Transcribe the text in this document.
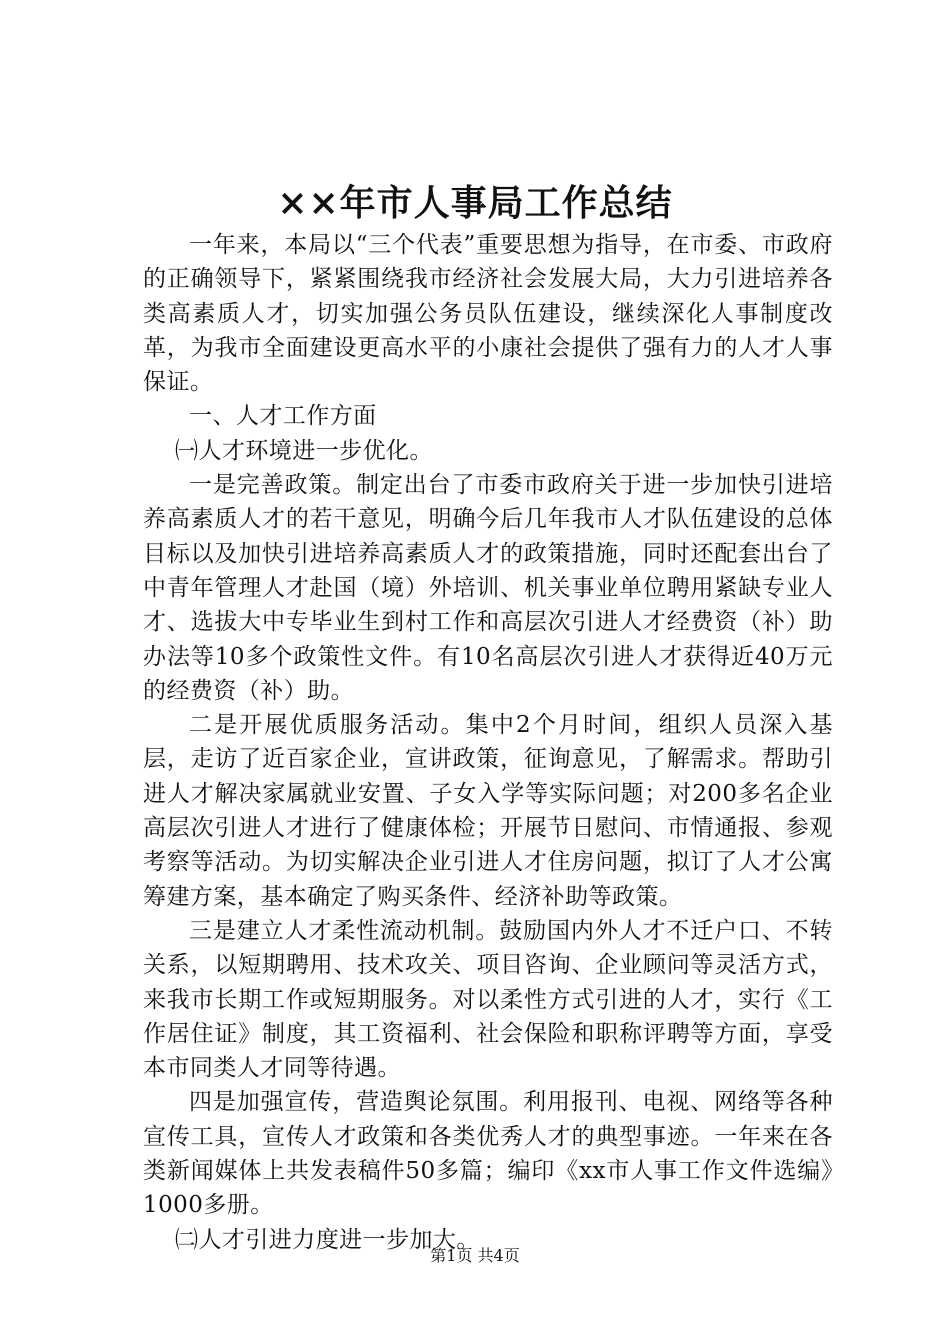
××年市人事局工作总结

一年来，本局以“三个代表”重要思想为指导，在市委、市政府的正确领导下，紧紧围绕我市经济社会发展大局，大力引进培养各类高素质人才，切实加强公务员队伍建设，继续深化人事制度改革，为我市全面建设更高水平的小康社会提供了强有力的人才人事保证。

一、人才工作方面

㈠人才环境进一步优化。

一是完善政策。制定出台了市委市政府关于进一步加快引进培养高素质人才的若干意见，明确今后几年我市人才队伍建设的总体目标以及加快引进培养高素质人才的政策措施，同时还配套出台了中青年管理人才赴国（境）外培训、机关事业单位聘用紧缺专业人才、选拔大中专毕业生到村工作和高层次引进人才经费资（补）助办法等10多个政策性文件。有10名高层次引进人才获得近40万元的经费资（补）助。

二是开展优质服务活动。集中2个月时间，组织人员深入基层，走访了近百家企业，宣讲政策，征询意见，了解需求。帮助引进人才解决家属就业安置、子女入学等实际问题；对200多名企业高层次引进人才进行了健康体检；开展节日慰问、市情通报、参观考察等活动。为切实解决企业引进人才住房问题，拟订了人才公寓筹建方案，基本确定了购买条件、经济补助等政策。

三是建立人才柔性流动机制。鼓励国内外人才不迁户口、不转关系，以短期聘用、技术攻关、项目咨询、企业顾问等灵活方式，来我市长期工作或短期服务。对以柔性方式引进的人才，实行《工作居住证》制度，其工资福利、社会保险和职称评聘等方面，享受本市同类人才同等待遇。

四是加强宣传，营造舆论氛围。利用报刊、电视、网络等各种宣传工具，宣传人才政策和各类优秀人才的典型事迹。一年来在各类新闻媒体上共发表稿件50多篇；编印《xx市人事工作文件选编》1000多册。

㈡人才引进力度进一步加大。

第1页 共4页
